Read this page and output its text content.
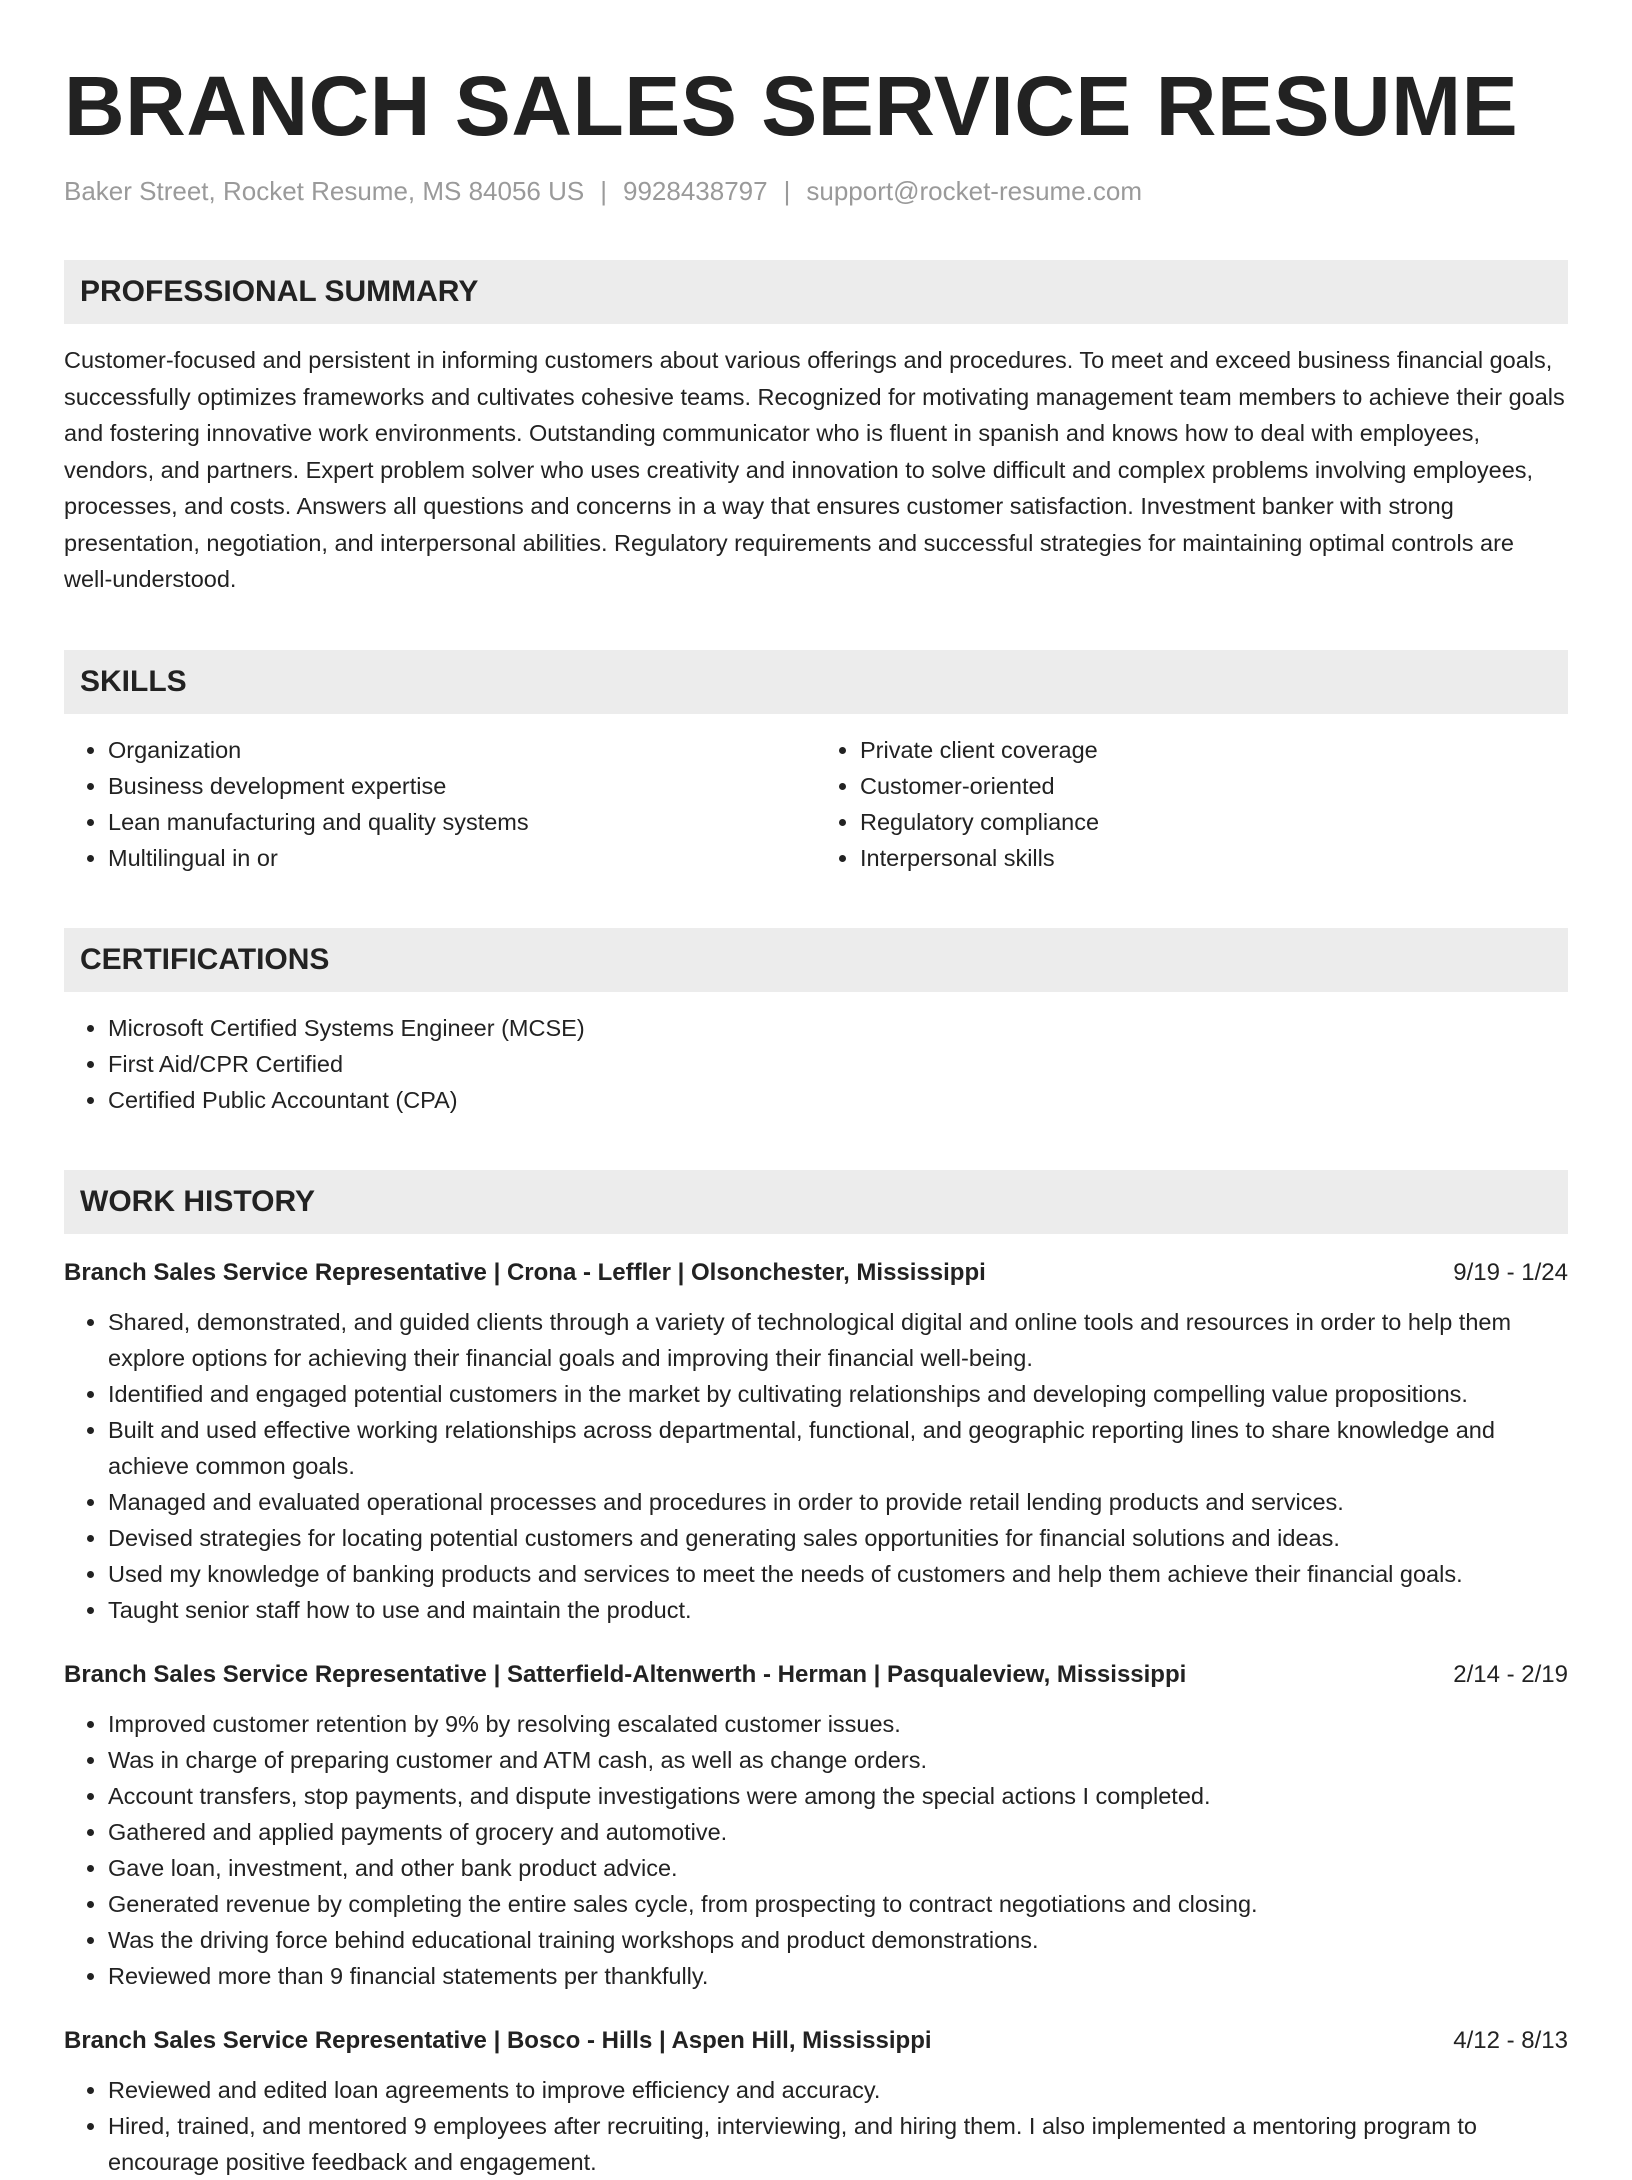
BRANCH SALES SERVICE RESUME
Baker Street, Rocket Resume, MS 84056 US | 9928438797 | support@rocket-resume.com
PROFESSIONAL SUMMARY

Customer-focused and persistent in informing customers about various offerings and procedures. To meet and exceed business financial goals, successfully optimizes frameworks and cultivates cohesive teams. Recognized for motivating management team members to achieve their goals and fostering innovative work environments. Outstanding communicator who is fluent in spanish and knows how to deal with employees, vendors, and partners. Expert problem solver who uses creativity and innovation to solve difficult and complex problems involving employees, processes, and costs. Answers all questions and concerns in a way that ensures customer satisfaction. Investment banker with strong presentation, negotiation, and interpersonal abilities. Regulatory requirements and successful strategies for maintaining optimal controls are well-understood.

SKILLS
• Organization
• Business development expertise
• Lean manufacturing and quality systems
• Multilingual in or
• Private client coverage
• Customer-oriented
• Regulatory compliance
• Interpersonal skills
CERTIFICATIONS
• Microsoft Certified Systems Engineer (MCSE)
• First Aid/CPR Certified
• Certified Public Accountant (CPA)
WORK HISTORY
Branch Sales Service Representative | Crona - Leffler | Olsonchester, Mississippi	9/19 - 1/24
• Shared, demonstrated, and guided clients through a variety of technological digital and online tools and resources in order to help them explore options for achieving their financial goals and improving their financial well-being.
• Identified and engaged potential customers in the market by cultivating relationships and developing compelling value propositions.
• Built and used effective working relationships across departmental, functional, and geographic reporting lines to share knowledge and achieve common goals.
• Managed and evaluated operational processes and procedures in order to provide retail lending products and services.
• Devised strategies for locating potential customers and generating sales opportunities for financial solutions and ideas.
• Used my knowledge of banking products and services to meet the needs of customers and help them achieve their financial goals.
• Taught senior staff how to use and maintain the product.
Branch Sales Service Representative | Satterfield-Altenwerth - Herman | Pasqualeview, Mississippi	2/14 - 2/19
• Improved customer retention by 9% by resolving escalated customer issues.
• Was in charge of preparing customer and ATM cash, as well as change orders.
• Account transfers, stop payments, and dispute investigations were among the special actions I completed.
• Gathered and applied payments of grocery and automotive.
• Gave loan, investment, and other bank product advice.
• Generated revenue by completing the entire sales cycle, from prospecting to contract negotiations and closing.
• Was the driving force behind educational training workshops and product demonstrations.
• Reviewed more than 9 financial statements per thankfully.
Branch Sales Service Representative | Bosco - Hills | Aspen Hill, Mississippi	4/12 - 8/13
• Reviewed and edited loan agreements to improve efficiency and accuracy.
• Hired, trained, and mentored 9 employees after recruiting, interviewing, and hiring them. I also implemented a mentoring program to encourage positive feedback and engagement.
